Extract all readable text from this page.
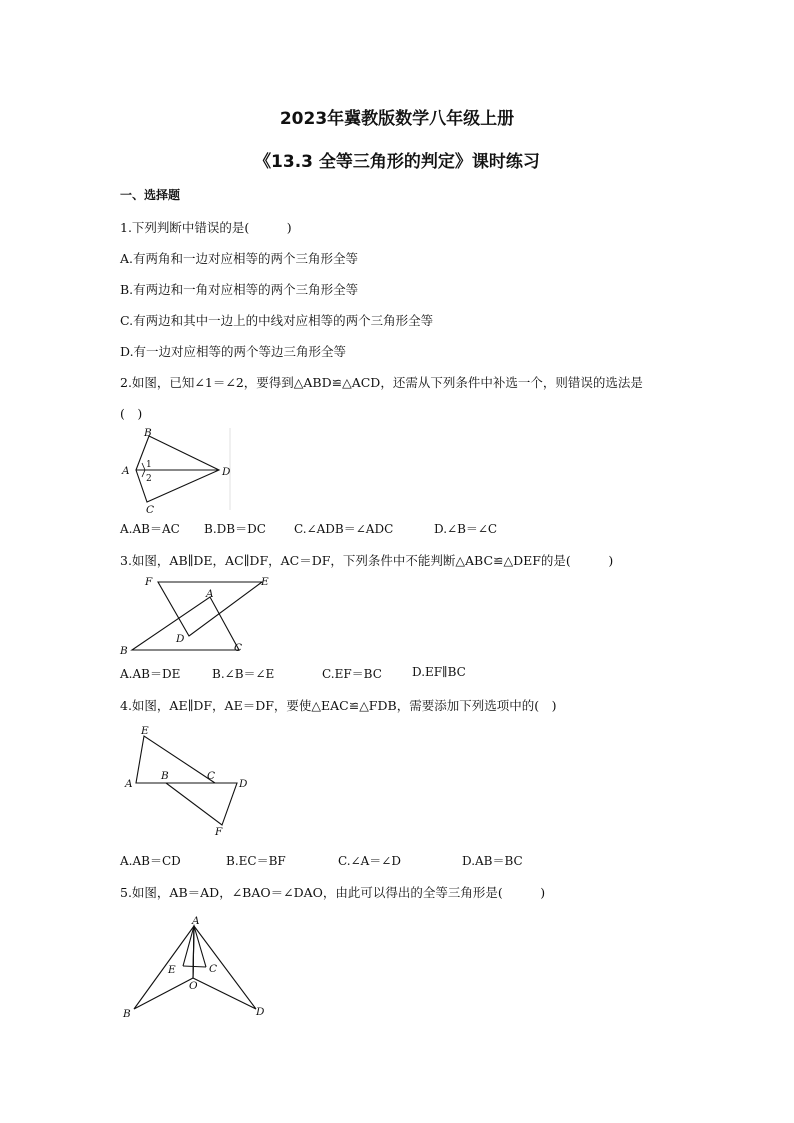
2023年冀教版数学八年级上册
《13.3 全等三角形的判定》课时练习
一、选择题
1.下列判断中错误的是(　　　)
A.有两角和一边对应相等的两个三角形全等
B.有两边和一角对应相等的两个三角形全等
C.有两边和其中一边上的中线对应相等的两个三角形全等
D.有一边对应相等的两个等边三角形全等
2.如图，已知∠1＝∠2，要得到△ABD≌△ACD，还需从下列条件中补选一个，则错误的选法是
(　)
B
A	D
C
1
2
A.AB＝AC B.DB＝DC C.∠ADB＝∠ADC	D.∠B＝∠C
3.如图，AB∥DE，AC∥DF，AC＝DF，下列条件中不能判断△ABC≌△DEF的是(　　　)
F	E
A
D
B	C
A.AB＝DE	B.∠B＝∠E	C.EF＝BC	D.EF∥BC
4.如图，AE∥DF，AE＝DF，要使△EAC≌△FDB，需要添加下列选项中的(　)
E
A
B	C
D
F
A.AB＝CD	B.EC＝BF	C.∠A＝∠D	D.AB＝BC
5.如图，AB＝AD，∠BAO＝∠DAO，由此可以得出的全等三角形是(　　　)
A
E	C
O
B	D
